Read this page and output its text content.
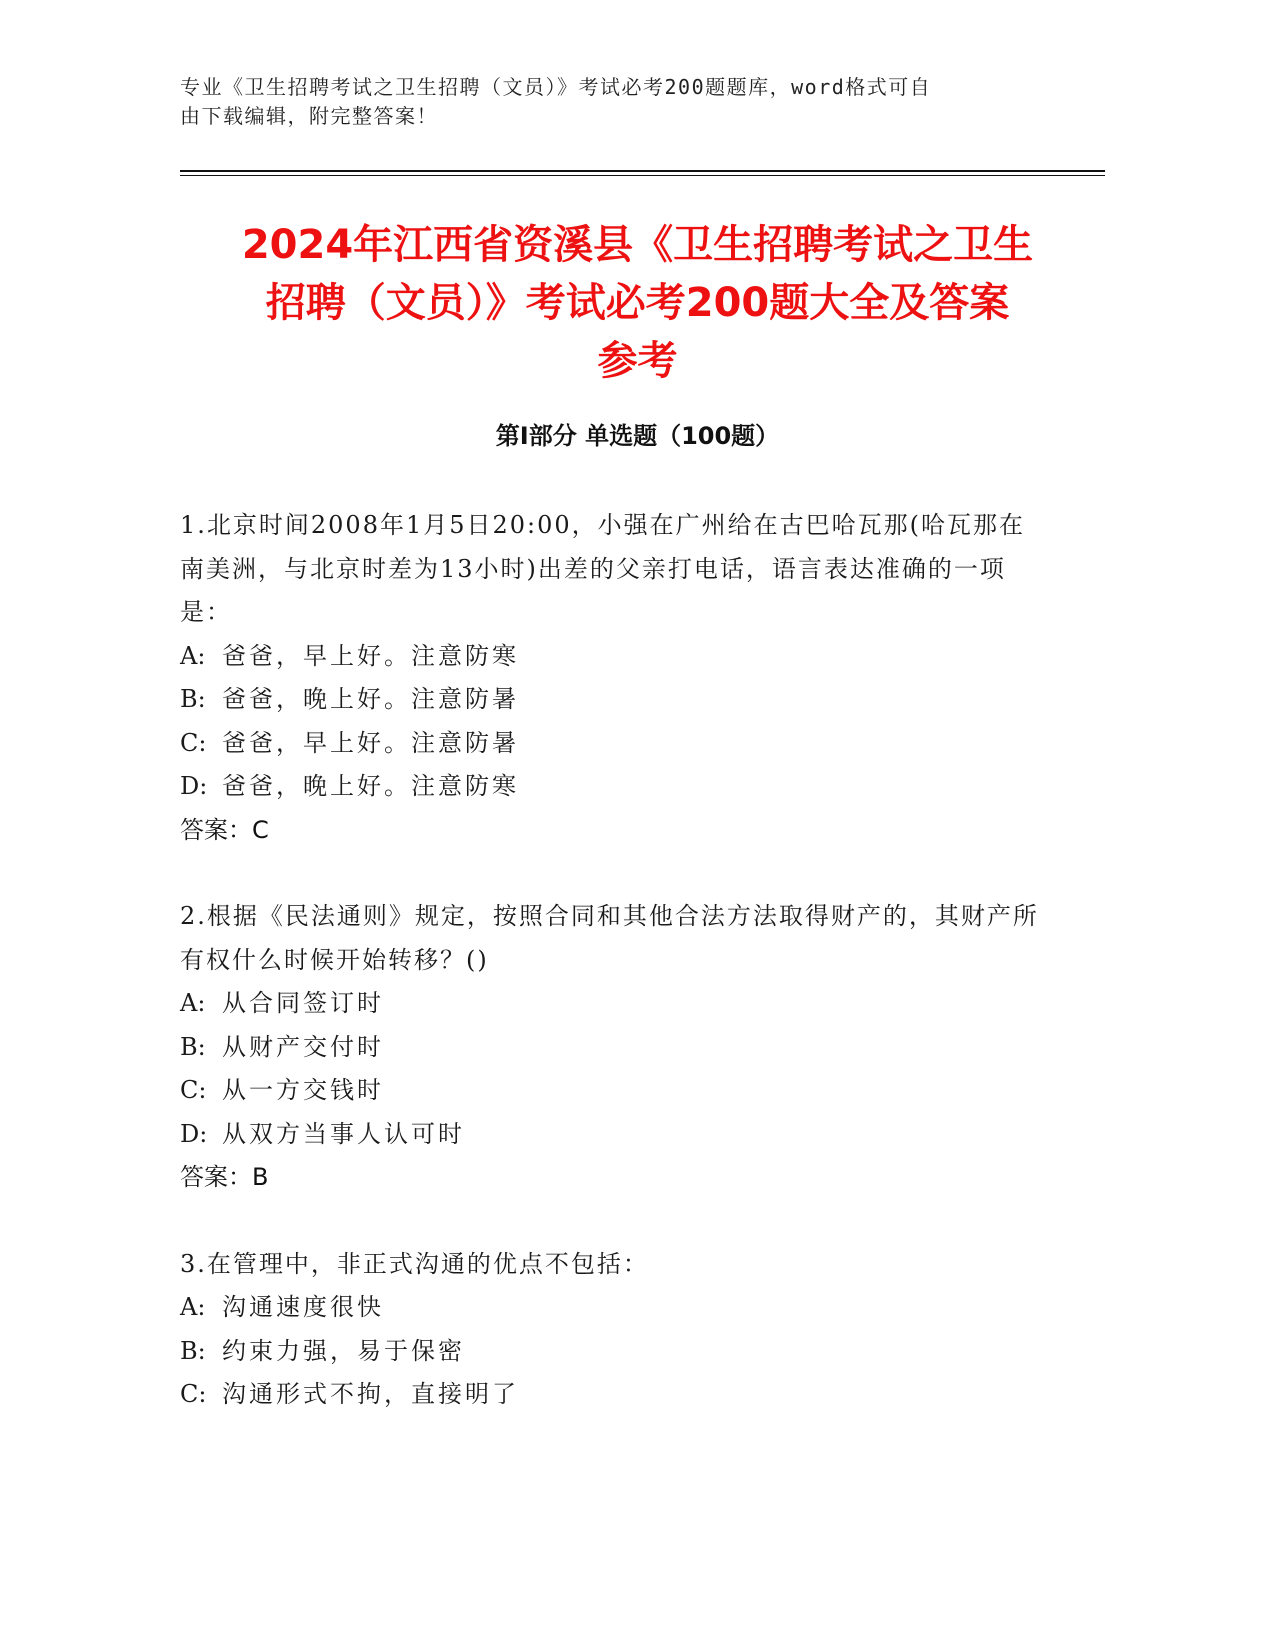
专业《卫生招聘考试之卫生招聘（文员）》考试必考200题题库，word格式可自
由下载编辑，附完整答案！
2024年江西省资溪县《卫生招聘考试之卫生
招聘（文员）》考试必考200题大全及答案
参考
第Ⅰ部分 单选题（100题）
1.北京时间2008年1月5日20:00，小强在广州给在古巴哈瓦那(哈瓦那在南美洲，与北京时差为13小时)出差的父亲打电话，语言表达准确的一项是：
A: 爸爸，早上好。注意防寒
B: 爸爸，晚上好。注意防暑
C: 爸爸，早上好。注意防暑
D: 爸爸，晚上好。注意防寒
答案：C
2.根据《民法通则》规定，按照合同和其他合法方法取得财产的，其财产所有权什么时候开始转移？()
A: 从合同签订时
B: 从财产交付时
C: 从一方交钱时
D: 从双方当事人认可时
答案：B
3.在管理中，非正式沟通的优点不包括：
A: 沟通速度很快
B: 约束力强，易于保密
C: 沟通形式不拘，直接明了
